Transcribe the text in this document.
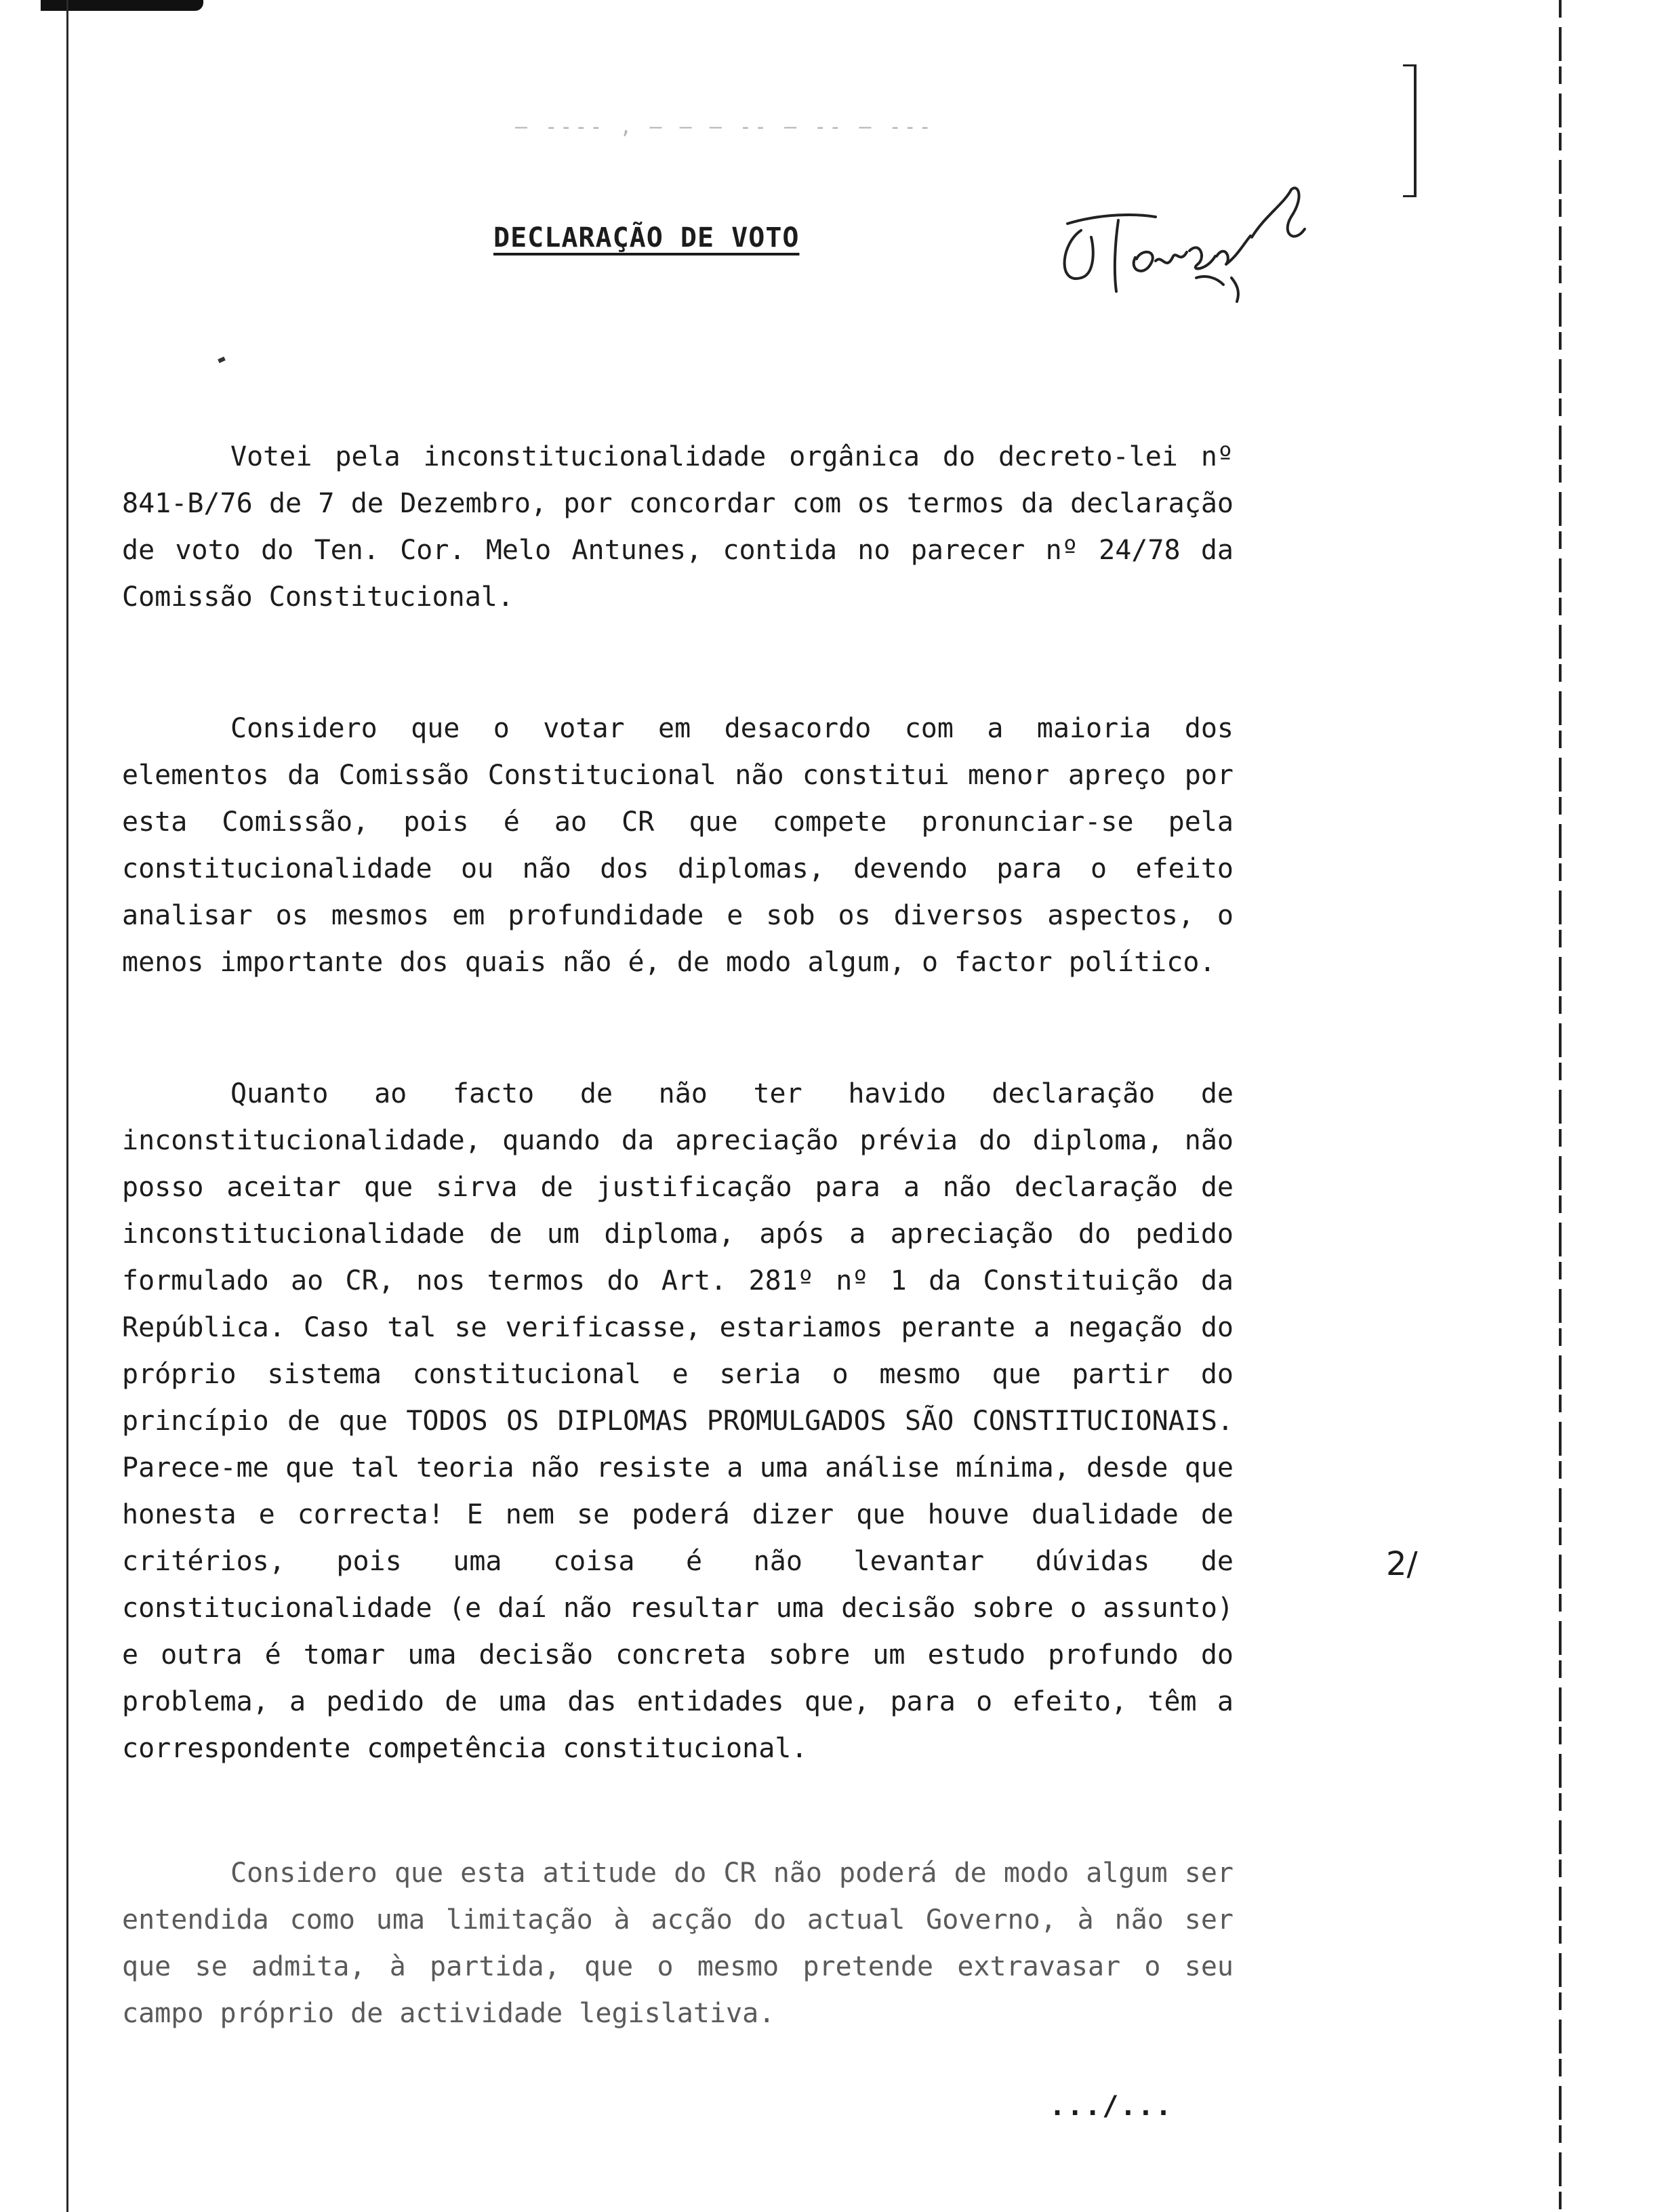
– ---- , – – – -- – -- – ---
DECLARAÇÃO DE VOTO

Votei pela inconstitucionalidade orgânica do decreto-lei nº 841-B/76 de 7 de Dezembro, por concordar com os termos da declaração de voto do Ten. Cor. Melo Antunes, contida no parecer nº 24/78 da Comissão Constitucional.

Considero que o votar em desacordo com a maioria dos elementos da Comissão Constitucional não constitui menor apreço por esta Comissão, pois é ao CR que compete pronunciar-se pela constitucionalidade ou não dos diplomas, devendo para o efeito analisar os mesmos em profundidade e sob os diversos aspectos, o menos importante dos quais não é, de modo algum, o factor político.

Quanto ao facto de não ter havido declaração de inconstitucionalidade, quando da apreciação prévia do diploma, não posso aceitar que sirva de justificação para a não declaração de inconstitucionalidade de um diploma, após a apreciação do pedido formulado ao CR, nos termos do Art. 281º nº 1 da Constituição da República. Caso tal se verificasse, estariamos perante a negação do próprio sistema constitucional e seria o mesmo que partir do princípio de que TODOS OS DIPLOMAS PROMULGADOS SÃO CONSTITUCIONAIS. Parece-me que tal teoria não resiste a uma análise mínima, desde que honesta e correcta! E nem se poderá dizer que houve dualidade de critérios, pois uma coisa é não levantar dúvidas de constitucionalidade (e daí não resultar uma decisão sobre o assunto) e outra é tomar uma decisão concreta sobre um estudo profundo do problema, a pedido de uma das entidades que, para o efeito, têm a correspondente competência constitucional.

Considero que esta atitude do CR não poderá de modo algum ser entendida como uma limitação à acção do actual Governo, à não ser que se admita, à partida, que o mesmo pretende extravasar o seu campo próprio de actividade legislativa.

2/
.../...
